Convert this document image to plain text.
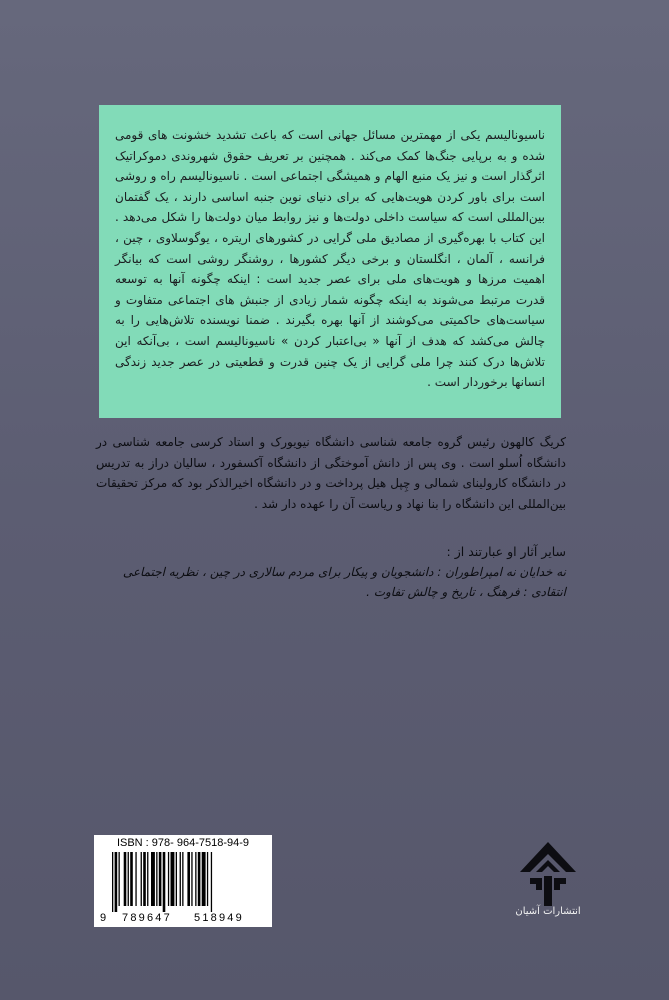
ناسیونالیسم یکی از مهمترین مسائل جهانی است که باعث تشدید خشونت های قومی شده و به برپایی جنگ‌ها کمک می‌کند . همچنین بر تعریف حقوق شهروندی دموکراتیک اثرگذار است و نیز یک منبع الهام و همیشگی اجتماعی است . ناسیونالیسم راه و روشی است برای باور کردن هویت‌هایی که برای دنیای نوین جنبه اساسی دارند ، یک گفتمان بین‌المللی است که سیاست داخلی دولت‌ها و نیز روابط میان دولت‌ها را شکل می‌دهد . این کتاب با بهره‌گیری از مصادیق ملی گرایی در کشورهای اریتره ، یوگوسلاوی ، چین ، فرانسه ، آلمان ، انگلستان و برخی دیگر کشورها ، روشنگر روشی است که بیانگر اهمیت مرزها و هویت‌های ملی برای عصر جدید است : اینکه چگونه آنها به توسعه قدرت مرتبط می‌شوند به اینکه چگونه شمار زیادی از جنبش های اجتماعی متفاوت و سیاست‌های حاکمیتی می‌کوشند از آنها بهره بگیرند . ضمنا نویسنده تلاش‌هایی را به چالش می‌کشد که هدف از آنها « بی‌اعتبار کردن » ناسیونالیسم است ، بی‌آنکه این تلاش‌ها درک کنند چرا ملی گرایی از یک چنین قدرت و قطعیتی در عصر جدید زندگی انسانها برخوردار است .

کریگ کالهون رئیس گروه جامعه شناسی دانشگاه نیویورک و استاد کرسی جامعه شناسی در دانشگاه اُسلو است . وی پس از دانش آموختگی از دانشگاه آکسفورد ، سالیان دراز به تدریس در دانشگاه کارولینای شمالی و چِپل هیل پرداخت و در دانشگاه اخیرالذکر بود که مرکز تحقیقات بین‌المللی این دانشگاه را بنا نهاد و ریاست آن را عهده دار شد .

سایر آثار او عبارتند از :

نه خدایان نه امپراطوران : دانشجویان و پیکار برای مردم سالاری در چین ، نظریه اجتماعی انتقادی : فرهنگ ، تاریخ و چالش تفاوت .

ISBN : 978- 964-7518-94-9
9 789647 518949
انتشارات آشیان
